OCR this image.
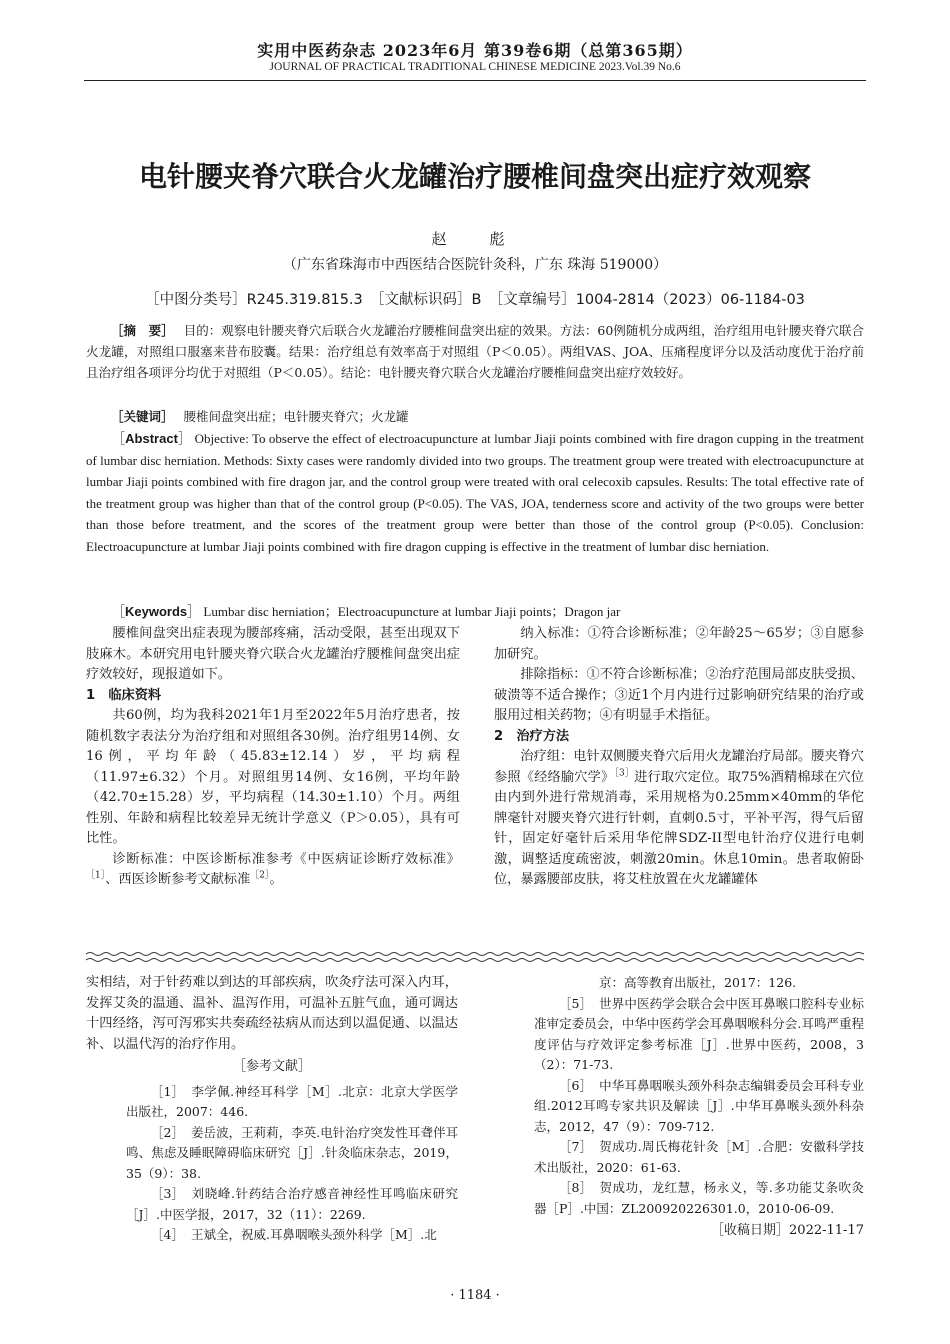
实用中医药杂志 2023年6月 第39卷6期（总第365期）
JOURNAL OF PRACTICAL TRADITIONAL CHINESE MEDICINE 2023.Vol.39 No.6
电针腰夹脊穴联合火龙罐治疗腰椎间盘突出症疗效观察
赵　彪
（广东省珠海市中西医结合医院针灸科，广东 珠海 519000）
［中图分类号］R245.319.815.3　［文献标识码］B　［文章编号］1004-2814（2023）06-1184-03
［摘　要］ 目的：观察电针腰夹脊穴后联合火龙罐治疗腰椎间盘突出症的效果。方法：60例随机分成两组，治疗组用电针腰夹脊穴联合火龙罐，对照组口服塞来昔布胶囊。结果：治疗组总有效率高于对照组（P＜0.05）。两组VAS、JOA、压痛程度评分以及活动度优于治疗前且治疗组各项评分均优于对照组（P＜0.05）。结论：电针腰夹脊穴联合火龙罐治疗腰椎间盘突出症疗效较好。
［关键词］ 腰椎间盘突出症；电针腰夹脊穴；火龙罐
［Abstract］ Objective: To observe the effect of electroacupuncture at lumbar Jiaji points combined with fire dragon cupping in the treatment of lumbar disc herniation. Methods: Sixty cases were randomly divided into two groups. The treatment group were treated with electroacupuncture at lumbar Jiaji points combined with fire dragon jar, and the control group were treated with oral celecoxib capsules. Results: The total effective rate of the treatment group was higher than that of the control group (P<0.05). The VAS, JOA, tenderness score and activity of the two groups were better than those before treatment, and the scores of the treatment group were better than those of the control group (P<0.05). Conclusion: Electroacupuncture at lumbar Jiaji points combined with fire dragon cupping is effective in the treatment of lumbar disc herniation.
［Keywords］ Lumbar disc herniation；Electroacupuncture at lumbar Jiaji points；Dragon jar

腰椎间盘突出症表现为腰部疼痛，活动受限，甚至出现双下肢麻木。本研究用电针腰夹脊穴联合火龙罐治疗腰椎间盘突出症疗效较好，现报道如下。

1　临床资料

共60例，均为我科2021年1月至2022年5月治疗患者，按随机数字表法分为治疗组和对照组各30例。治疗组男14例、女16例，平均年龄（45.83±12.14）岁，平均病程（11.97±6.32）个月。对照组男14例、女16例，平均年龄（42.70±15.28）岁，平均病程（14.30±1.10）个月。两组性别、年龄和病程比较差异无统计学意义（P＞0.05），具有可比性。

诊断标准：中医诊断标准参考《中医病证诊断疗效标准》$^{[1]}$、西医诊断参考文献标准$^{[2]}$。

纳入标准：①符合诊断标准；②年龄25～65岁；③自愿参加研究。

排除指标：①不符合诊断标准；②治疗范围局部皮肤受损、破溃等不适合操作；③近1个月内进行过影响研究结果的治疗或服用过相关药物；④有明显手术指征。

2　治疗方法

治疗组：电针双侧腰夹脊穴后用火龙罐治疗局部。腰夹脊穴参照《经络腧穴学》$^{[3]}$进行取穴定位。取75%酒精棉球在穴位由内到外进行常规消毒，采用规格为0.25mm×40mm的华佗牌毫针对腰夹脊穴进行针刺，直刺0.5寸，平补平泻，得气后留针，固定好毫针后采用华佗牌SDZ-II型电针治疗仪进行电刺激，调整适度疏密波，刺激20min。休息10min。患者取俯卧位，暴露腰部皮肤，将艾柱放置在火龙罐罐体

实相结，对于针药难以到达的耳部疾病，吹灸疗法可深入内耳，发挥艾灸的温通、温补、温泻作用，可温补五脏气血，通可调达十四经络，泻可泻邪实共奏疏经祛病从而达到以温促通、以温达补、以温代泻的治疗作用。

［参考文献］

［1］ 李学佩.神经耳科学［M］.北京：北京大学医学出版社，2007：446.

［2］ 姜岳波，王莉莉，李英.电针治疗突发性耳聋伴耳鸣、焦虑及睡眠障碍临床研究［J］.针灸临床杂志，2019，35（9）：38.

［3］ 刘晓峰.针药结合治疗感音神经性耳鸣临床研究［J］.中医学报，2017，32（11）：2269.

［4］ 王斌全，祝威.耳鼻咽喉头颈外科学［M］.北

京：高等教育出版社，2017：126.

［5］ 世界中医药学会联合会中医耳鼻喉口腔科专业标准审定委员会，中华中医药学会耳鼻咽喉科分会.耳鸣严重程度评估与疗效评定参考标准［J］.世界中医药，2008，3（2）：71-73.

［6］ 中华耳鼻咽喉头颈外科杂志编辑委员会耳科专业组.2012耳鸣专家共识及解读［J］.中华耳鼻喉头颈外科杂志，2012，47（9）：709-712.

［7］ 贺成功.周氏梅花针灸［M］.合肥：安徽科学技术出版社，2020：61-63.

［8］ 贺成功，龙红慧，杨永义，等.多功能艾条吹灸器［P］.中国：ZL200920226301.0，2010-06-09.

［收稿日期］2022-11-17
· 1184 ·
